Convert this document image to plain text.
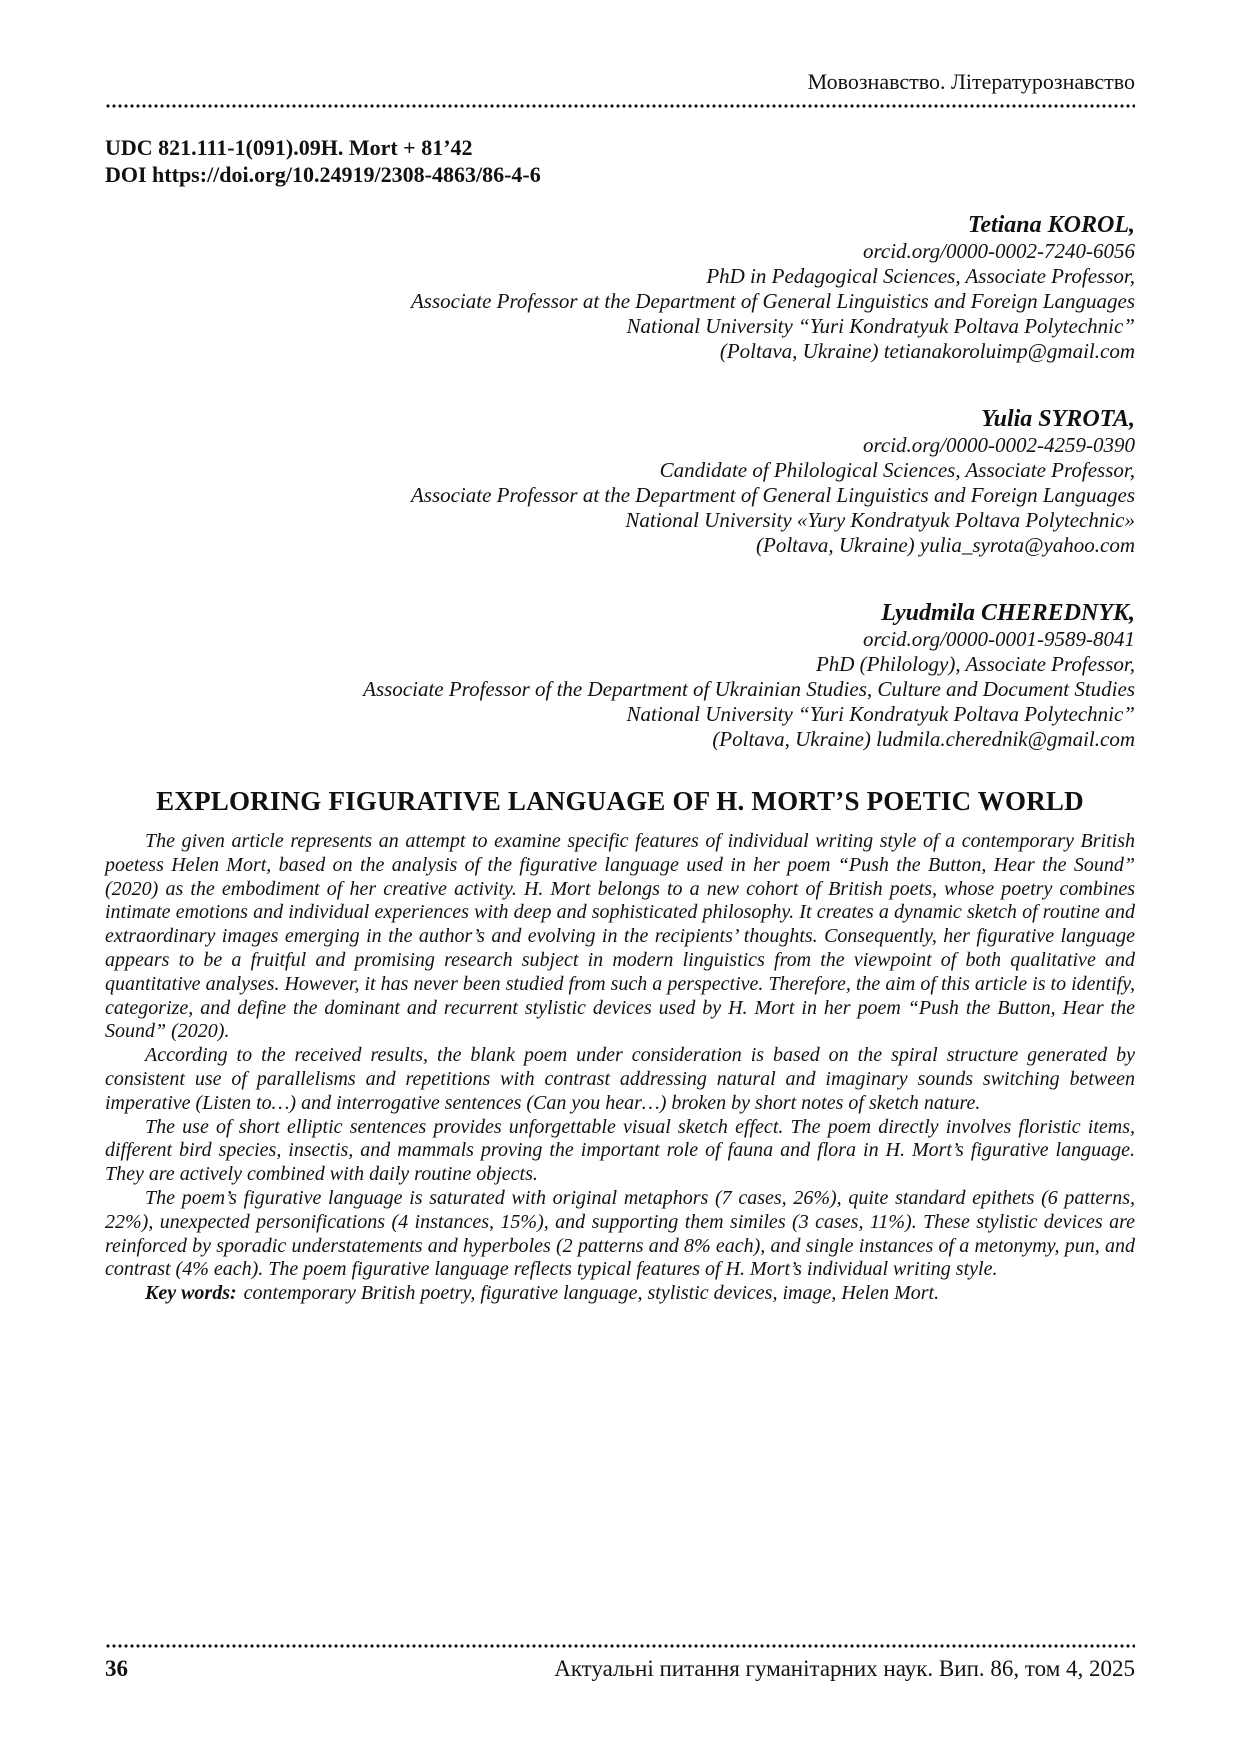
Мовознавство. Літературознавство
UDC 821.111-1(091).09H. Mort + 81’42
DOI https://doi.org/10.24919/2308-4863/86-4-6
Tetiana KOROL,
orcid.org/0000-0002-7240-6056
PhD in Pedagogical Sciences, Associate Professor,
Associate Professor at the Department of General Linguistics and Foreign Languages
National University “Yuri Kondratyuk Poltava Polytechnic”
(Poltava, Ukraine) tetianakoroluimp@gmail.com
Yulia SYROTA,
orcid.org/0000-0002-4259-0390
Candidate of Philological Sciences, Associate Professor,
Associate Professor at the Department of General Linguistics and Foreign Languages
National University «Yury Kondratyuk Poltava Polytechnic»
(Poltava, Ukraine) yulia_syrota@yahoo.com
Lyudmila CHEREDNYK,
orcid.org/0000-0001-9589-8041
PhD (Philology), Associate Professor,
Associate Professor of the Department of Ukrainian Studies, Culture and Document Studies
National University “Yuri Kondratyuk Poltava Polytechnic”
(Poltava, Ukraine) ludmila.cherednik@gmail.com
EXPLORING FIGURATIVE LANGUAGE OF H. MORT’S POETIC WORLD

The given article represents an attempt to examine specific features of individual writing style of a contemporary British poetess Helen Mort, based on the analysis of the figurative language used in her poem “Push the Button, Hear the Sound” (2020) as the embodiment of her creative activity. H. Mort belongs to a new cohort of British poets, whose poetry combines intimate emotions and individual experiences with deep and sophisticated philosophy. It creates a dynamic sketch of routine and extraordinary images emerging in the author’s and evolving in the recipients’ thoughts. Consequently, her figurative language appears to be a fruitful and promising research subject in modern linguistics from the viewpoint of both qualitative and quantitative analyses. However, it has never been studied from such a perspective. Therefore, the aim of this article is to identify, categorize, and define the dominant and recurrent stylistic devices used by H. Mort in her poem “Push the Button, Hear the Sound” (2020).

According to the received results, the blank poem under consideration is based on the spiral structure generated by consistent use of parallelisms and repetitions with contrast addressing natural and imaginary sounds switching between imperative (Listen to…) and interrogative sentences (Can you hear…) broken by short notes of sketch nature.

The use of short elliptic sentences provides unforgettable visual sketch effect. The poem directly involves floristic items, different bird species, insectis, and mammals proving the important role of fauna and flora in H. Mort’s figurative language. They are actively combined with daily routine objects.

The poem’s figurative language is saturated with original metaphors (7 cases, 26%), quite standard epithets (6 patterns, 22%), unexpected personifications (4 instances, 15%), and supporting them similes (3 cases, 11%). These stylistic devices are reinforced by sporadic understatements and hyperboles (2 patterns and 8% each), and single instances of a metonymy, pun, and contrast (4% each). The poem figurative language reflects typical features of H. Mort’s individual writing style.

Key words: contemporary British poetry, figurative language, stylistic devices, image, Helen Mort.

36	Актуальні питання гуманітарних наук. Вип. 86, том 4, 2025
